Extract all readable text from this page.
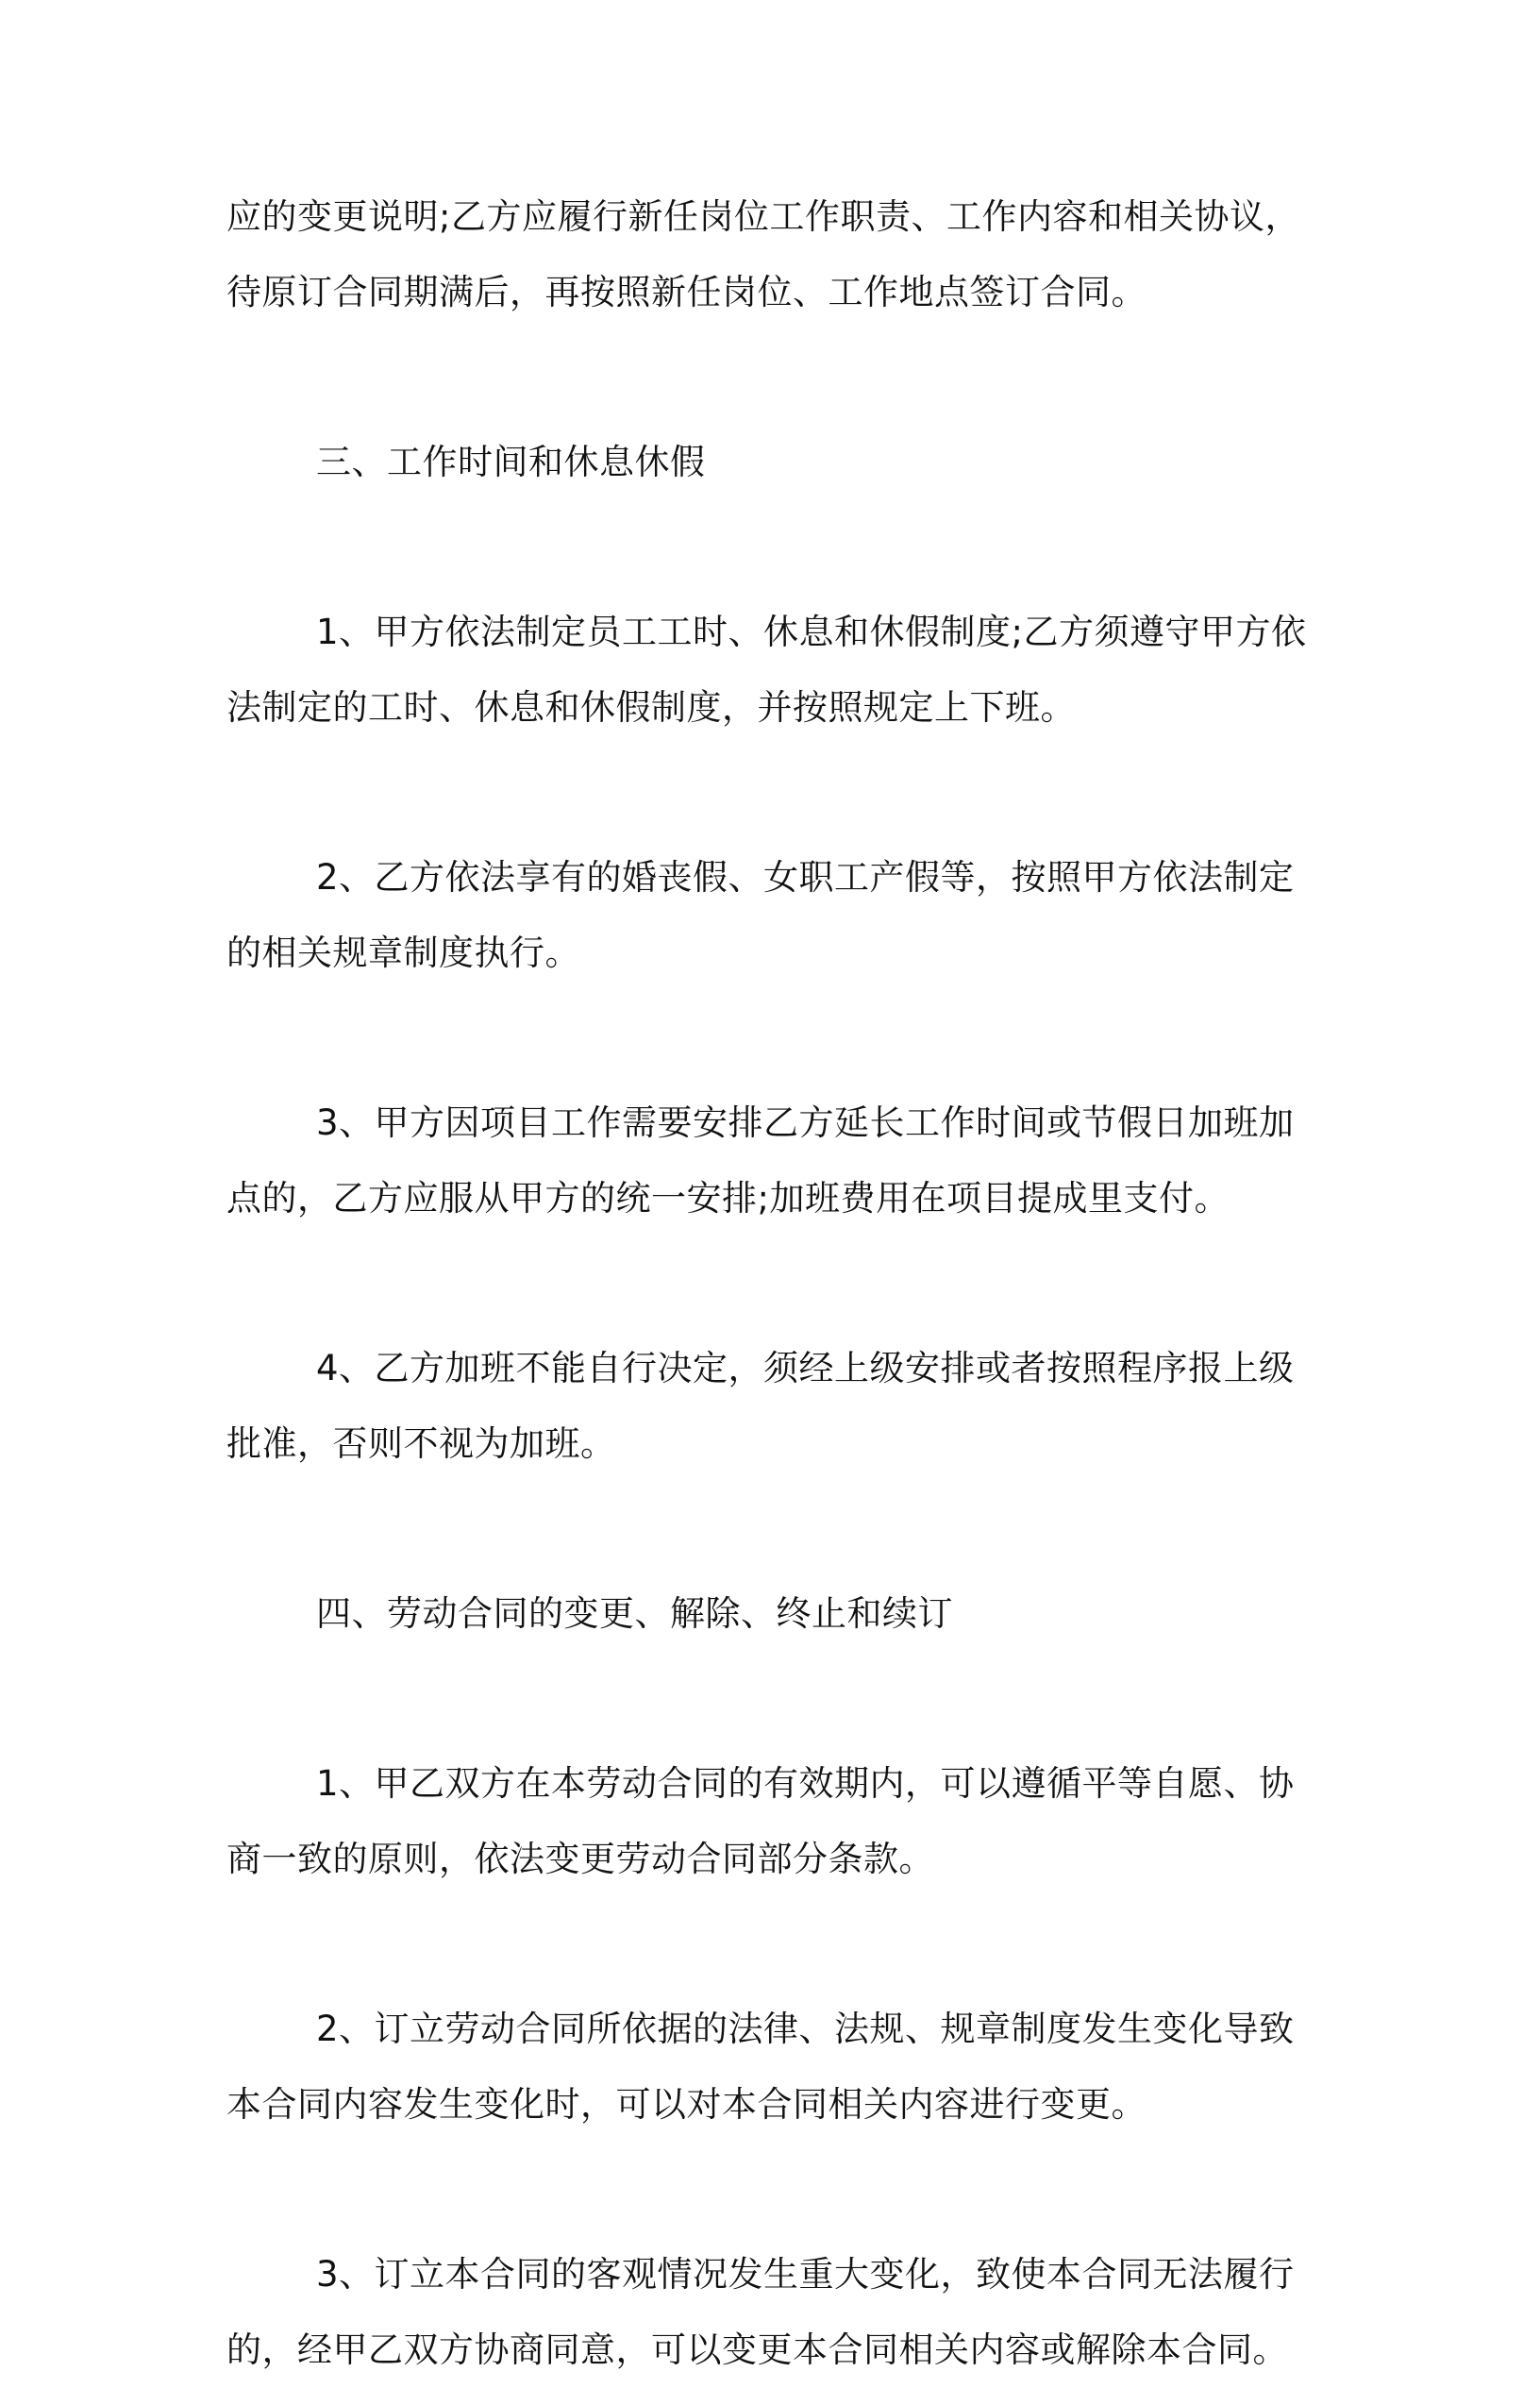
应的变更说明;乙方应履行新任岗位工作职责、工作内容和相关协议，
待原订合同期满后，再按照新任岗位、工作地点签订合同。
三、工作时间和休息休假
1、甲方依法制定员工工时、休息和休假制度;乙方须遵守甲方依
法制定的工时、休息和休假制度，并按照规定上下班。
2、乙方依法享有的婚丧假、女职工产假等，按照甲方依法制定
的相关规章制度执行。
3、甲方因项目工作需要安排乙方延长工作时间或节假日加班加
点的，乙方应服从甲方的统一安排;加班费用在项目提成里支付。
4、乙方加班不能自行决定，须经上级安排或者按照程序报上级
批准，否则不视为加班。
四、劳动合同的变更、解除、终止和续订
1、甲乙双方在本劳动合同的有效期内，可以遵循平等自愿、协
商一致的原则，依法变更劳动合同部分条款。
2、订立劳动合同所依据的法律、法规、规章制度发生变化导致
本合同内容发生变化时，可以对本合同相关内容进行变更。
3、订立本合同的客观情况发生重大变化，致使本合同无法履行
的，经甲乙双方协商同意，可以变更本合同相关内容或解除本合同。
